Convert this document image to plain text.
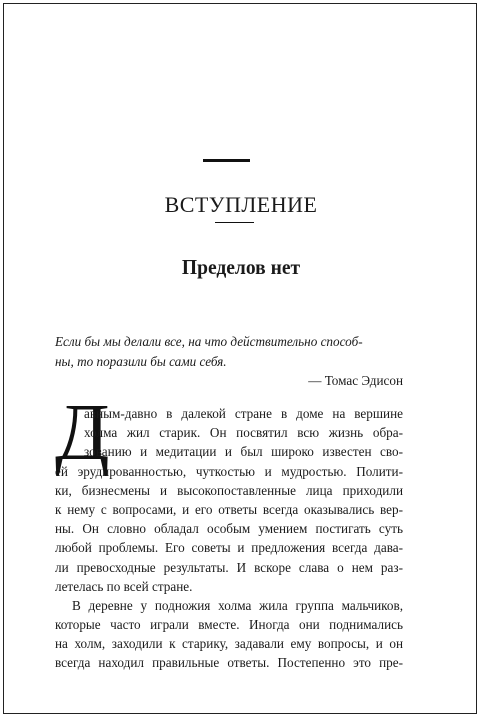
ВСТУПЛЕНИЕ
Пределов нет
Если бы мы делали все, на что действительно способ-
ны, то поразили бы сами себя.
— Томас Эдисон
Д
авным-давно в далекой стране в доме на вершине
холма жил старик. Он посвятил всю жизнь обра-
зованию и медитации и был широко известен сво-
ей эрудированностью, чуткостью и мудростью. Полити-
ки, бизнесмены и высокопоставленные лица приходили
к нему с вопросами, и его ответы всегда оказывались вер-
ны. Он словно обладал особым умением постигать суть
любой проблемы. Его советы и предложения всегда дава-
ли превосходные результаты. И вскоре слава о нем раз-
летелась по всей стране.
В деревне у подножия холма жила группа мальчиков,
которые часто играли вместе. Иногда они поднимались
на холм, заходили к старику, задавали ему вопросы, и он
всегда находил правильные ответы. Постепенно это пре-
